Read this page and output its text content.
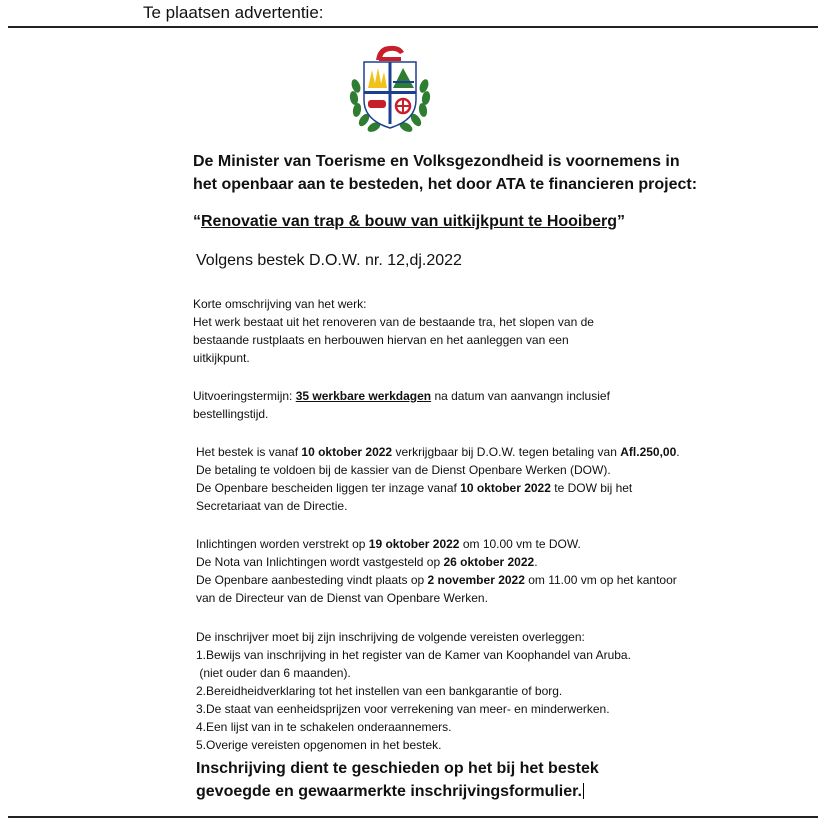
Te plaatsen advertentie:
De Minister van Toerisme en Volksgezondheid is voornemens in
het openbaar aan te besteden, het door ATA te financieren project:
“Renovatie van trap & bouw van uitkijkpunt te Hooiberg”
Volgens bestek D.O.W. nr. 12,dj.2022
Korte omschrijving van het werk:
Het werk bestaat uit het renoveren van de bestaande tra, het slopen van de
bestaande rustplaats en herbouwen hiervan en het aanleggen van een
uitkijkpunt.
Uitvoeringstermijn: 35 werkbare werkdagen na datum van aanvangn inclusief
bestellingstijd.
Het bestek is vanaf 10 oktober 2022 verkrijgbaar bij D.O.W. tegen betaling van Afl.250,00.
De betaling te voldoen bij de kassier van de Dienst Openbare Werken (DOW).
De Openbare bescheiden liggen ter inzage vanaf 10 oktober 2022 te DOW bij het
Secretariaat van de Directie.
Inlichtingen worden verstrekt op 19 oktober 2022 om 10.00 vm te DOW.
De Nota van Inlichtingen wordt vastgesteld op 26 oktober 2022.
De Openbare aanbesteding vindt plaats op 2 november 2022 om 11.00 vm op het kantoor
van de Directeur van de Dienst van Openbare Werken.
De inschrijver moet bij zijn inschrijving de volgende vereisten overleggen:
1.Bewijs van inschrijving in het register van de Kamer van Koophandel van Aruba.
(niet ouder dan 6 maanden).
2.Bereidheidverklaring tot het instellen van een bankgarantie of borg.
3.De staat van eenheidsprijzen voor verrekening van meer- en minderwerken.
4.Een lijst van in te schakelen onderaannemers.
5.Overige vereisten opgenomen in het bestek.
Inschrijving dient te geschieden op het bij het bestek
gevoegde en gewaarmerkte inschrijvingsformulier.
